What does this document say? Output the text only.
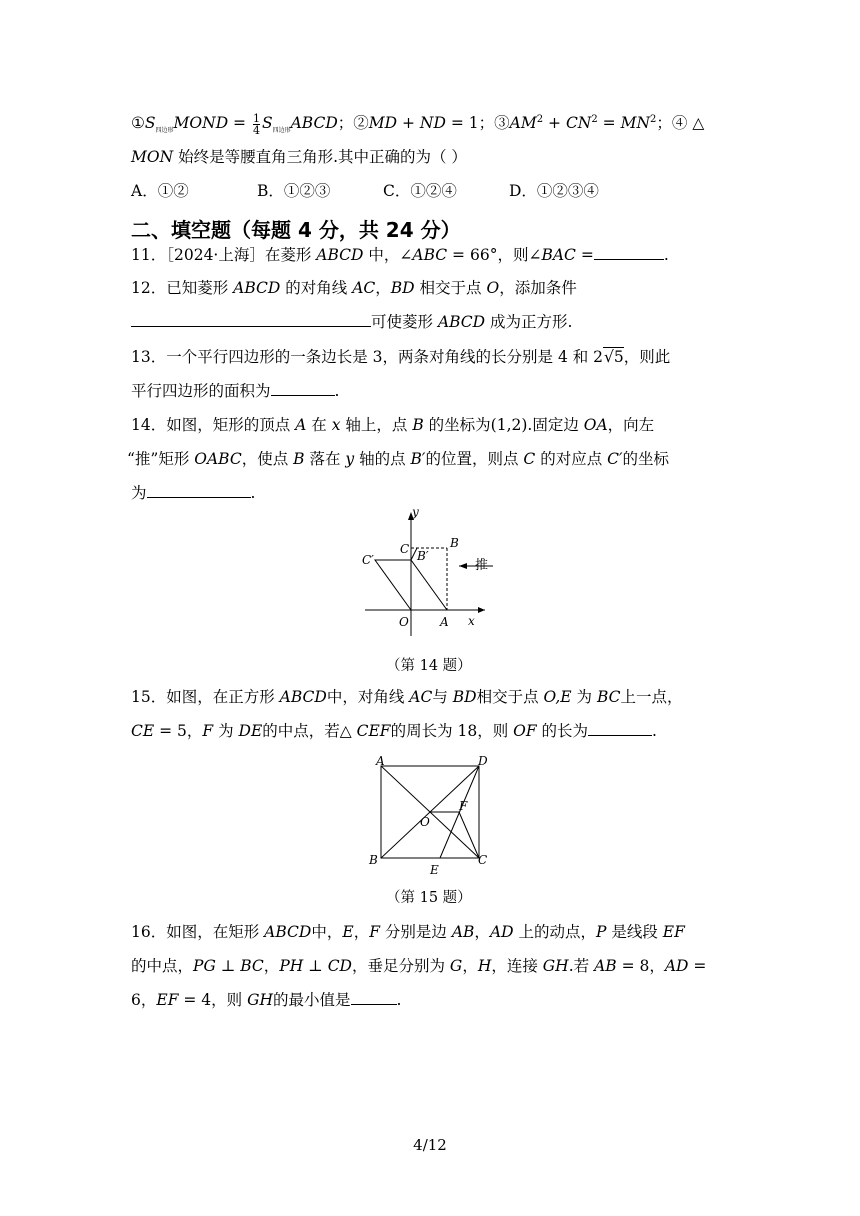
$①S_{四边形}MOND = \frac{1}{4}$ $S_{四边形}ABCD$；②MD + ND = 1；$③AM^2 + CN^2 = MN^2$；④ △
MON 始终是等腰直角三角形.其中正确的为（ ）
A．①②	B．①②③	C．①②④	D．①②③④
二、填空题（每题 4 分，共 24 分）
11．［2024·上海］在菱形 ABCD 中，∠ABC = 66°，则∠BAC =	.
12．已知菱形 ABCD 的对角线 AC，BD 相交于点 O，添加条件
可使菱形 ABCD 成为正方形.
13．一个平行四边形的一条边长是 3，两条对角线的长分别是 4 和 2√5，则此
平行四边形的面积为	.
14．如图，矩形的顶点 A 在 x 轴上，点 B 的坐标为(1,2).固定边 OA，向左
“推”矩形 OABC，使点 B 落在 y 轴的点 B′的位置，则点 C 的对应点 C′的坐标
为	.
y
x
O	A
B
C B′
C′	推
（第 14 题）
15．如图，在正方形 ABCD中，对角线 AC与 BD相交于点 O,E 为 BC上一点，
CE = 5，F 为 DE的中点，若△ CEF的周长为 18，则 OF 的长为	.
A	D
B	C
O
F
E
（第 15 题）
16．如图，在矩形 ABCD中，E，F 分别是边 AB，AD 上的动点，P 是线段 EF
的中点，PG ⊥ BC，PH ⊥ CD，垂足分别为 G，H，连接 GH.若 AB = 8，AD =
6，EF = 4，则 GH的最小值是	.
4/12
